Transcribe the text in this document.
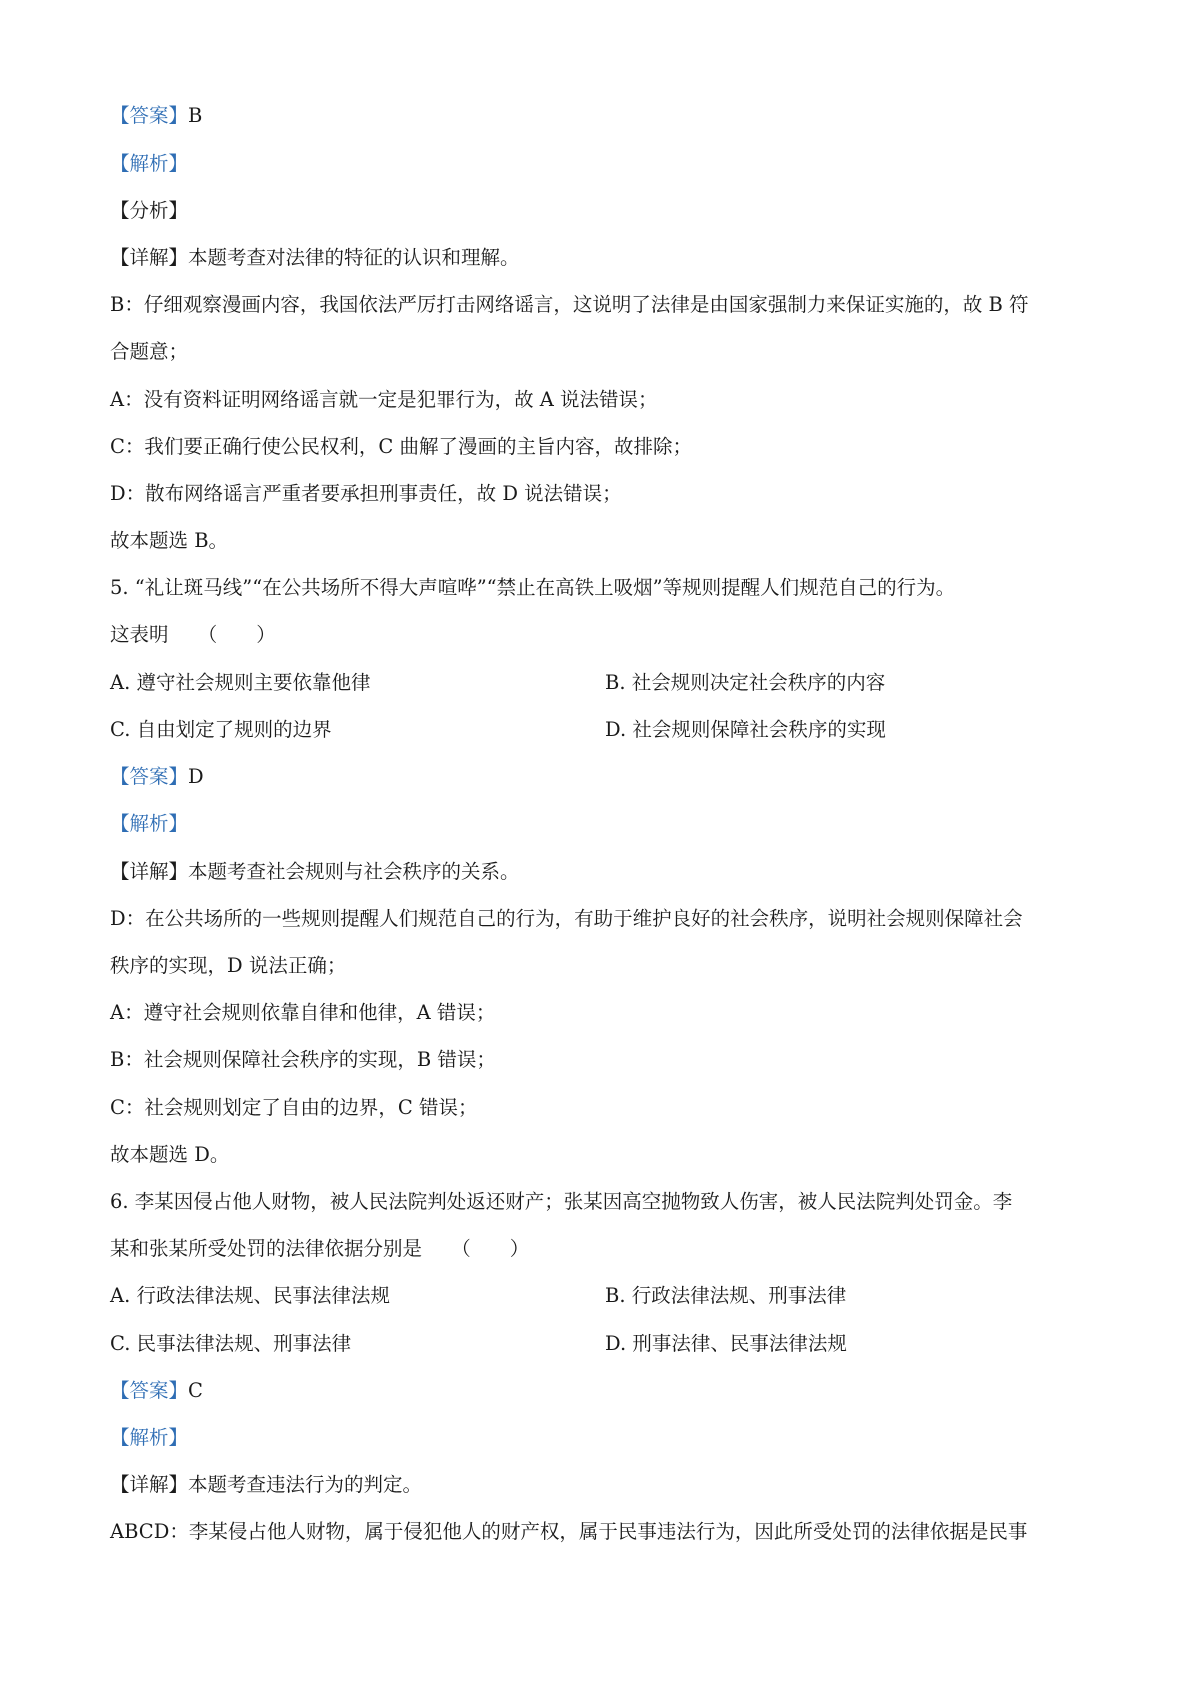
【答案】B
【解析】
【分析】
【详解】本题考查对法律的特征的认识和理解。
B：仔细观察漫画内容，我国依法严厉打击网络谣言，这说明了法律是由国家强制力来保证实施的，故 B 符
合题意；
A：没有资料证明网络谣言就一定是犯罪行为，故 A 说法错误；
C：我们要正确行使公民权利，C 曲解了漫画的主旨内容，故排除；
D：散布网络谣言严重者要承担刑事责任，故 D 说法错误；
故本题选 B。
5. “礼让斑马线”“在公共场所不得大声喧哗”“禁止在高铁上吸烟”等规则提醒人们规范自己的行为。
这表明　　（　　）
A. 遵守社会规则主要依靠他律	B. 社会规则决定社会秩序的内容
C. 自由划定了规则的边界	D. 社会规则保障社会秩序的实现
【答案】D
【解析】
【详解】本题考查社会规则与社会秩序的关系。
D：在公共场所的一些规则提醒人们规范自己的行为，有助于维护良好的社会秩序，说明社会规则保障社会
秩序的实现，D 说法正确；
A：遵守社会规则依靠自律和他律，A 错误；
B：社会规则保障社会秩序的实现，B 错误；
C：社会规则划定了自由的边界，C 错误；
故本题选 D。
6. 李某因侵占他人财物，被人民法院判处返还财产；张某因高空抛物致人伤害，被人民法院判处罚金。李
某和张某所受处罚的法律依据分别是　　（　　）
A. 行政法律法规、民事法律法规	B. 行政法律法规、刑事法律
C. 民事法律法规、刑事法律	D. 刑事法律、民事法律法规
【答案】C
【解析】
【详解】本题考查违法行为的判定。
ABCD：李某侵占他人财物，属于侵犯他人的财产权，属于民事违法行为，因此所受处罚的法律依据是民事
